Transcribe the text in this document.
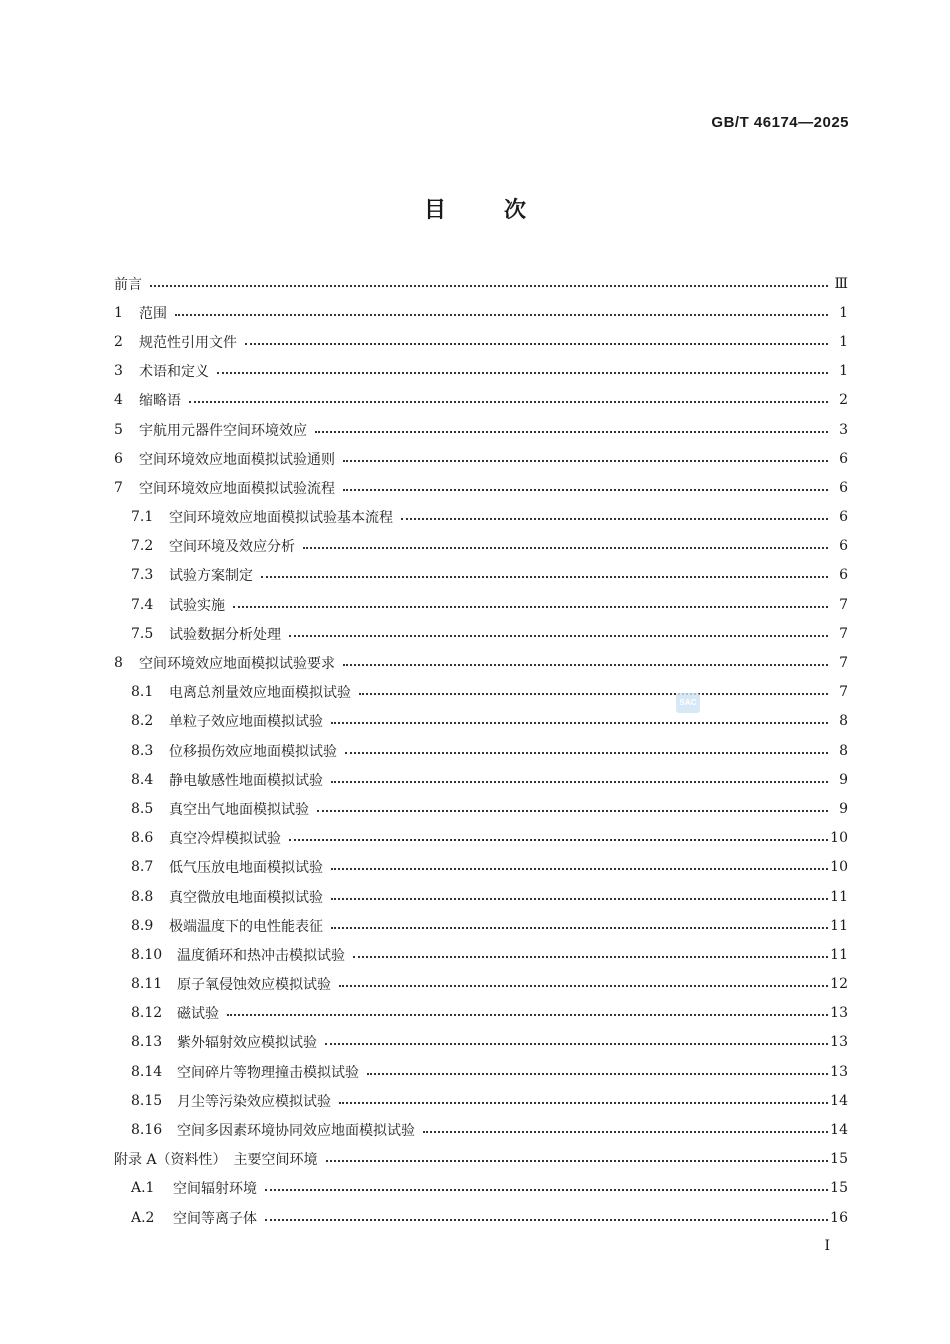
GB/T 46174—2025
目	次
前言	Ⅲ
1	范围	1
2	规范性引用文件	1
3	术语和定义	1
4	缩略语	2
5	宇航用元器件空间环境效应	3
6	空间环境效应地面模拟试验通则	6
7	空间环境效应地面模拟试验流程	6
7.1	空间环境效应地面模拟试验基本流程	6
7.2	空间环境及效应分析	6
7.3	试验方案制定	6
7.4	试验实施	7
7.5	试验数据分析处理	7
8	空间环境效应地面模拟试验要求	7
8.1	电离总剂量效应地面模拟试验	7
8.2	单粒子效应地面模拟试验	8
8.3	位移损伤效应地面模拟试验	8
8.4	静电敏感性地面模拟试验	9
8.5	真空出气地面模拟试验	9
8.6	真空冷焊模拟试验	10
8.7	低气压放电地面模拟试验	10
8.8	真空微放电地面模拟试验	11
8.9	极端温度下的电性能表征	11
8.10	温度循环和热冲击模拟试验	11
8.11	原子氧侵蚀效应模拟试验	12
8.12	磁试验	13
8.13	紫外辐射效应模拟试验	13
8.14	空间碎片等物理撞击模拟试验	13
8.15	月尘等污染效应模拟试验	14
8.16	空间多因素环境协同效应地面模拟试验	14
附录 A（资料性）　主要空间环境	15
A.1	空间辐射环境	15
A.2	空间等离子体	16
SAC
I
